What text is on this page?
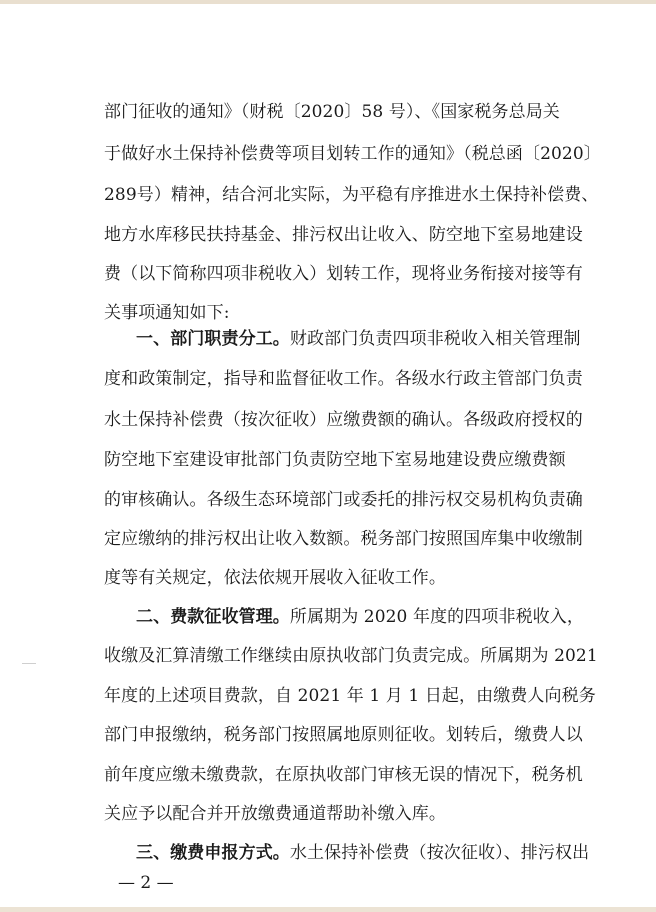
部门征收的通知》（财税〔2020〕58 号）、《国家税务总局关
于做好水土保持补偿费等项目划转工作的通知》（税总函〔2020〕
289号）精神，结合河北实际，为平稳有序推进水土保持补偿费、
地方水库移民扶持基金、排污权出让收入、防空地下室易地建设
费（以下简称四项非税收入）划转工作，现将业务衔接对接等有
关事项通知如下:
一、部门职责分工。财政部门负责四项非税收入相关管理制
度和政策制定，指导和监督征收工作。各级水行政主管部门负责
水土保持补偿费（按次征收）应缴费额的确认。各级政府授权的
防空地下室建设审批部门负责防空地下室易地建设费应缴费额
的审核确认。各级生态环境部门或委托的排污权交易机构负责确
定应缴纳的排污权出让收入数额。税务部门按照国库集中收缴制
度等有关规定，依法依规开展收入征收工作。
二、费款征收管理。所属期为 2020 年度的四项非税收入，
收缴及汇算清缴工作继续由原执收部门负责完成。所属期为 2021
年度的上述项目费款，自 2021 年 1 月 1 日起，由缴费人向税务
部门申报缴纳，税务部门按照属地原则征收。划转后，缴费人以
前年度应缴未缴费款，在原执收部门审核无误的情况下，税务机
关应予以配合并开放缴费通道帮助补缴入库。
三、缴费申报方式。水土保持补偿费（按次征收）、排污权出
— 2 —
